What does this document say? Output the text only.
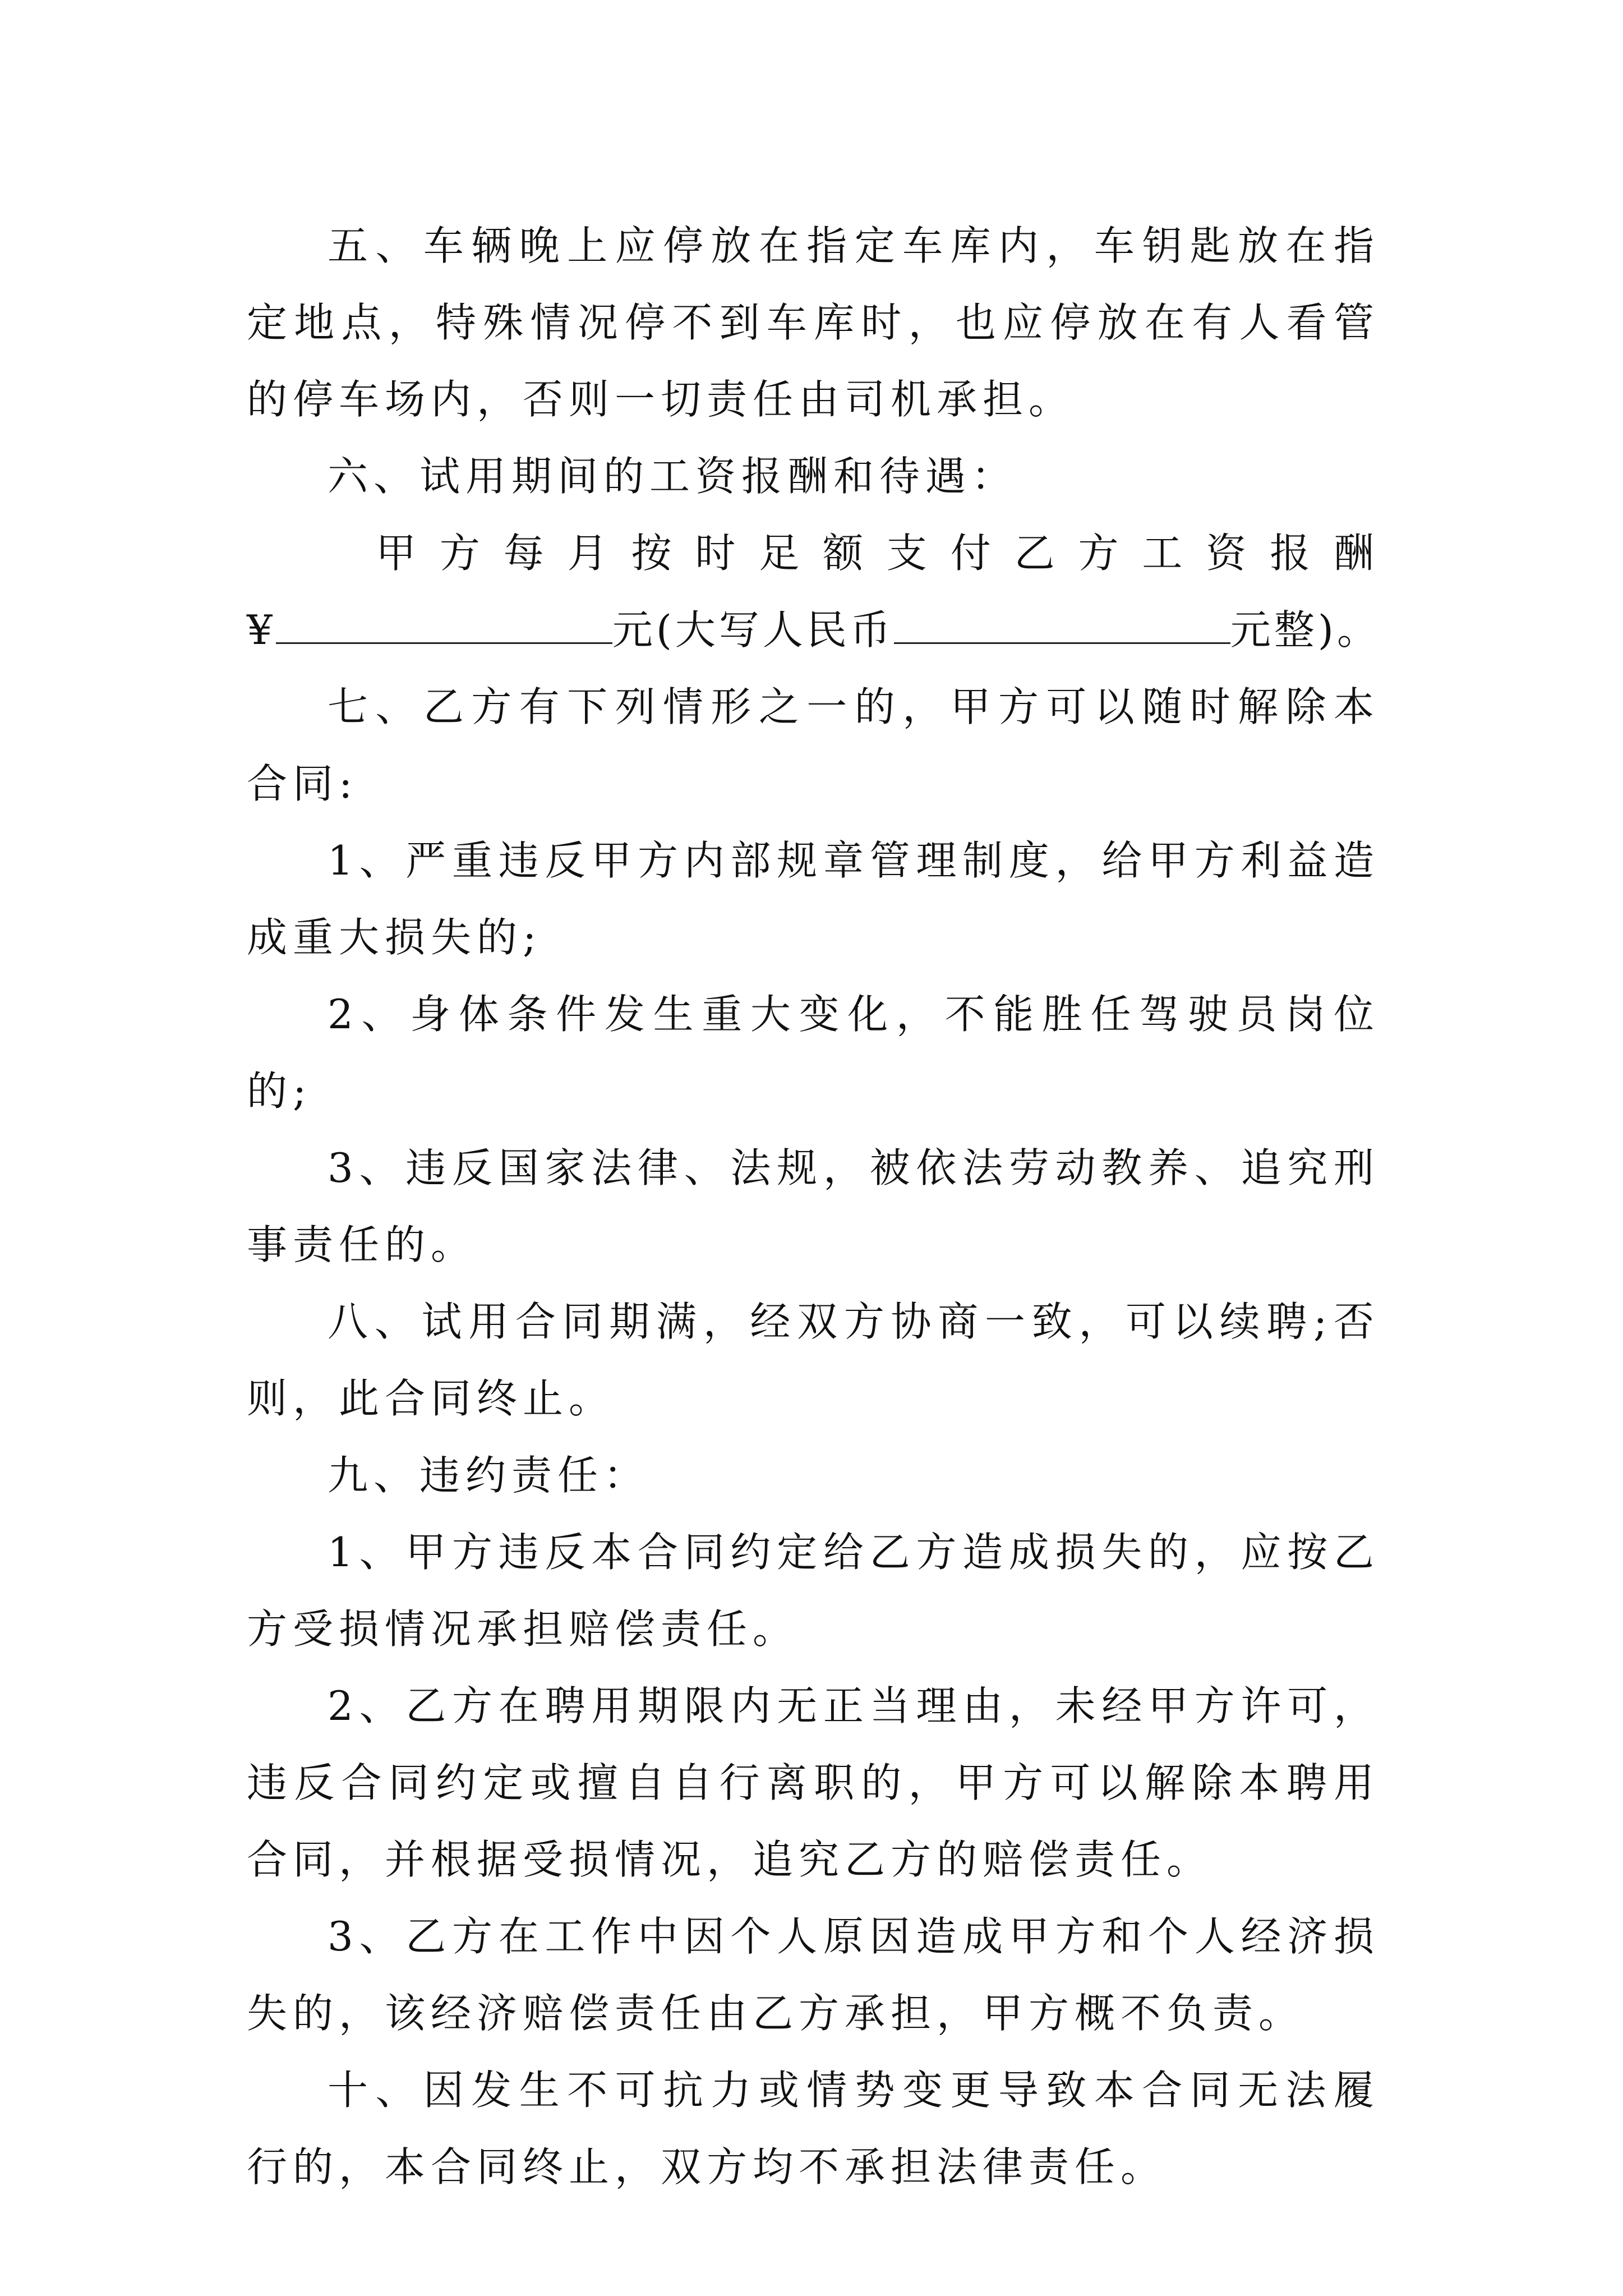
五、车辆晚上应停放在指定车库内，车钥匙放在指定地点，特殊情况停不到车库时，也应停放在有人看管的停车场内，否则一切责任由司机承担。

六、试用期间的工资报酬和待遇：

甲方每月按时足额支付乙方工资报酬

¥	元(大写人民币	元整)。

七、乙方有下列情形之一的，甲方可以随时解除本合同:

1、严重违反甲方内部规章管理制度，给甲方利益造成重大损失的;

2、身体条件发生重大变化，不能胜任驾驶员岗位的;

3、违反国家法律、法规，被依法劳动教养、追究刑事责任的。

八、试用合同期满，经双方协商一致，可以续聘;否则，此合同终止。

九、违约责任：

1、甲方违反本合同约定给乙方造成损失的，应按乙方受损情况承担赔偿责任。

2、乙方在聘用期限内无正当理由，未经甲方许可，违反合同约定或擅自自行离职的，甲方可以解除本聘用合同，并根据受损情况，追究乙方的赔偿责任。

3、乙方在工作中因个人原因造成甲方和个人经济损失的，该经济赔偿责任由乙方承担，甲方概不负责。

十、因发生不可抗力或情势变更导致本合同无法履行的，本合同终止，双方均不承担法律责任。
